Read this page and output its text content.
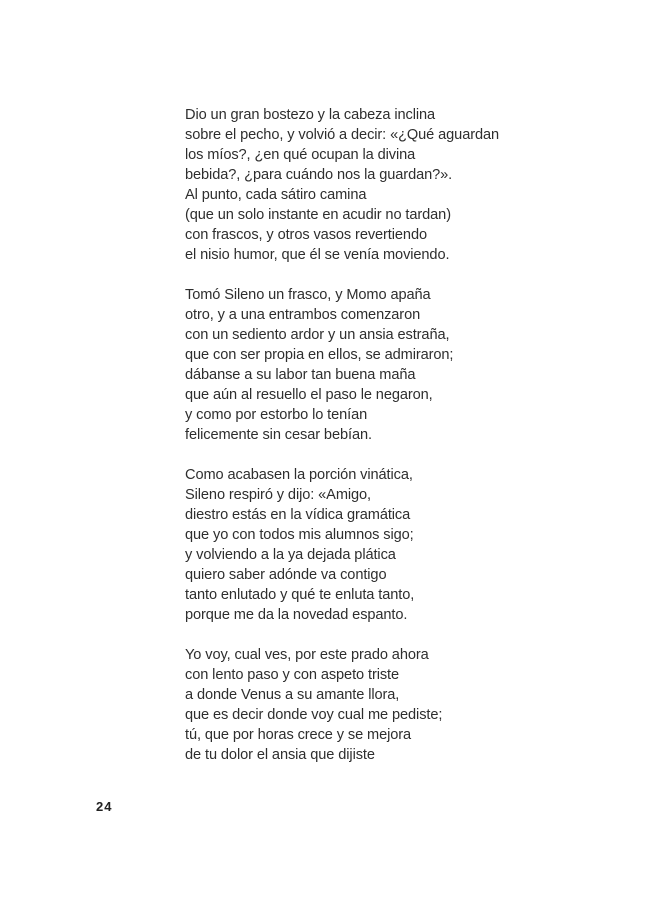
Dio un gran bostezo y la cabeza inclina
sobre el pecho, y volvió a decir: «¿Qué aguardan
los míos?, ¿en qué ocupan la divina
bebida?, ¿para cuándo nos la guardan?».
Al punto, cada sátiro camina
(que un solo instante en acudir no tardan)
con frascos, y otros vasos revertiendo
el nisio humor, que él se venía moviendo.
Tomó Sileno un frasco, y Momo apaña
otro, y a una entrambos comenzaron
con un sediento ardor y un ansia estraña,
que con ser propia en ellos, se admiraron;
dábanse a su labor tan buena maña
que aún al resuello el paso le negaron,
y como por estorbo lo tenían
felicemente sin cesar bebían.
Como acabasen la porción vinática,
Sileno respiró y dijo: «Amigo,
diestro estás en la vídica gramática
que yo con todos mis alumnos sigo;
y volviendo a la ya dejada plática
quiero saber adónde va contigo
tanto enlutado y qué te enluta tanto,
porque me da la novedad espanto.
Yo voy, cual ves, por este prado ahora
con lento paso y con aspeto triste
a donde Venus a su amante llora,
que es decir donde voy cual me pediste;
tú, que por horas crece y se mejora
de tu dolor el ansia que dijiste
24
